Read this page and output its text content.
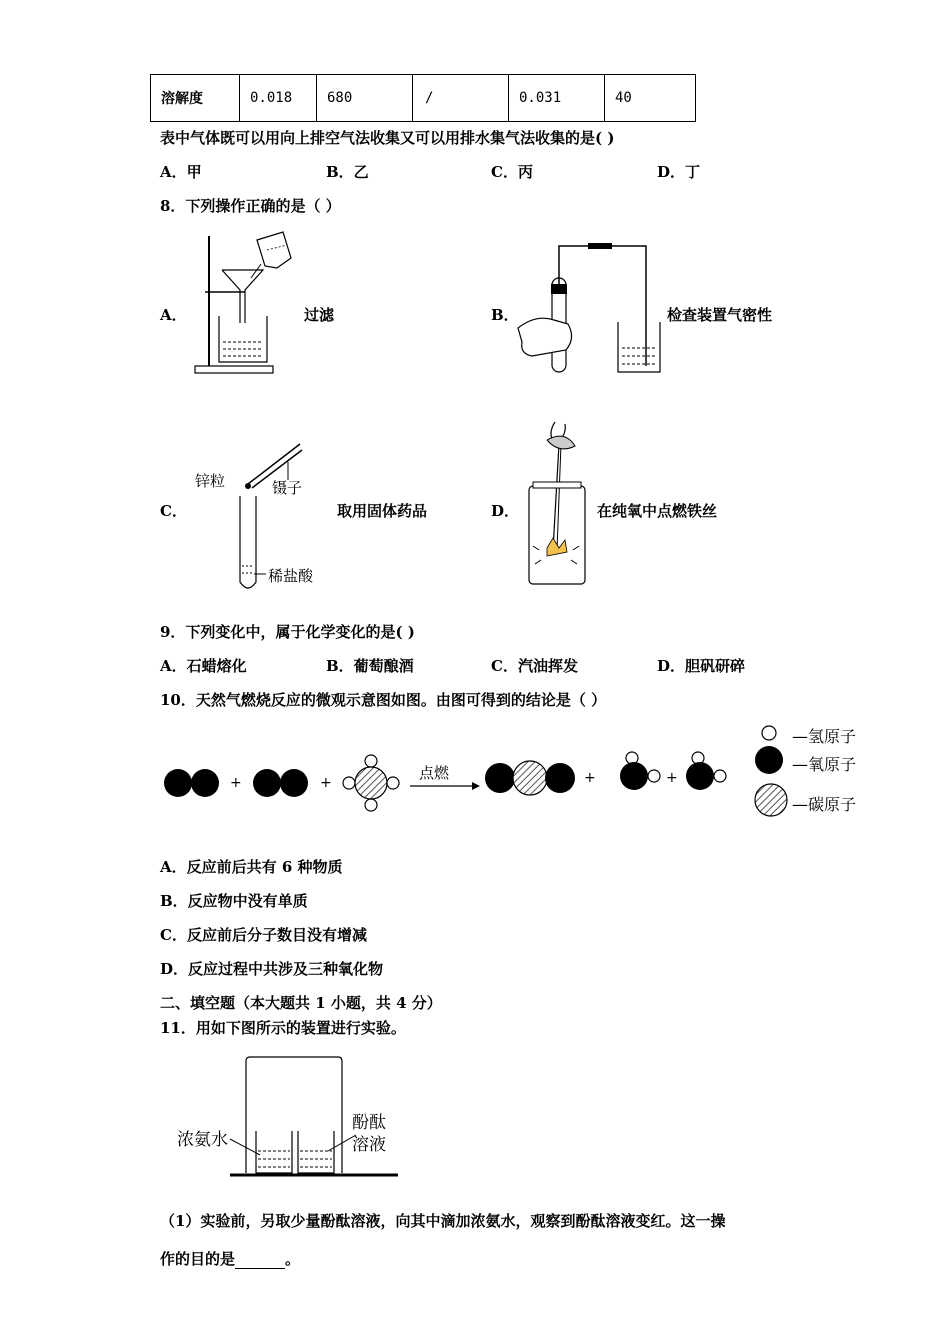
溶解度	0.018	680	/	0.031	40
表中气体既可以用向上排空气法收集又可以用排水集气法收集的是( )
A．甲	B．乙	C．丙	D．丁
8．下列操作正确的是（ ）
A．	过滤	B．	检查装置气密性
C．	取用固体药品
锌粒	镊子
稀盐酸
D．	在纯氧中点燃铁丝
9．下列变化中，属于化学变化的是( )
A．石蜡熔化	B．葡萄酿酒	C．汽油挥发	D．胆矾研碎
10．天然气燃烧反应的微观示意图如图。由图可得到的结论是（ ）
+	+	+	+
点燃
—氢原子
—氧原子
—碳原子
A．反应前后共有 6 种物质
B．反应物中没有单质
C．反应前后分子数目没有增减
D．反应过程中共涉及三种氧化物
二、填空题（本大题共 1 小题，共 4 分）
11．用如下图所示的装置进行实验。
浓氨水
酚酞
溶液
（1）实验前，另取少量酚酞溶液，向其中滴加浓氨水，观察到酚酞溶液变红。这一操
作的目的是	。
